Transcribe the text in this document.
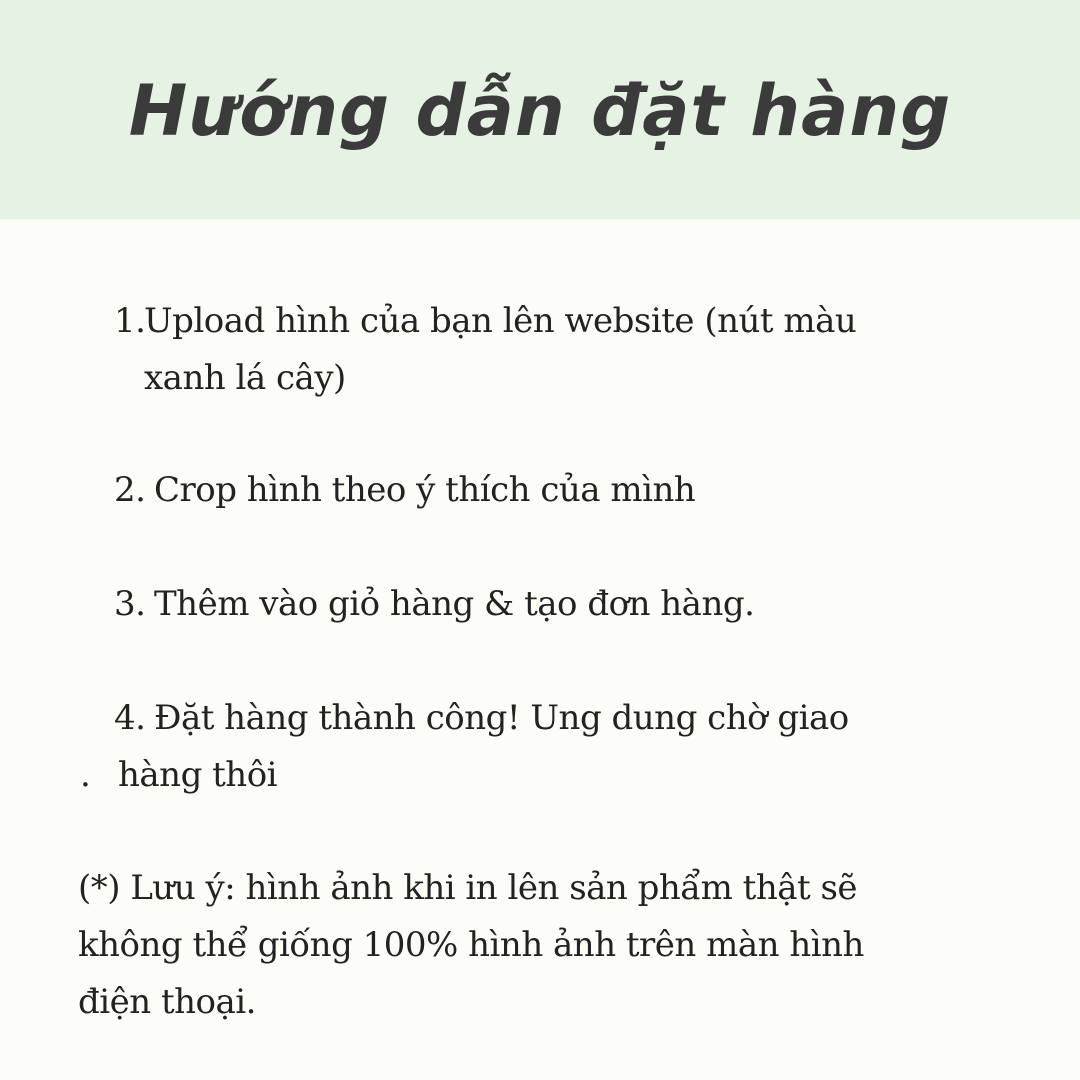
Hướng dẫn đặt hàng
1.

Upload hình của bạn lên website (nút màu

xanh lá cây)

2. Crop hình theo ý thích của mình

3. Thêm vào giỏ hàng & tạo đơn hàng.

4. Đặt hàng thành công! Ung dung chờ giao

. hàng thôi

(*) Lưu ý: hình ảnh khi in lên sản phẩm thật sẽ

không thể giống 100% hình ảnh trên màn hình

điện thoại.
